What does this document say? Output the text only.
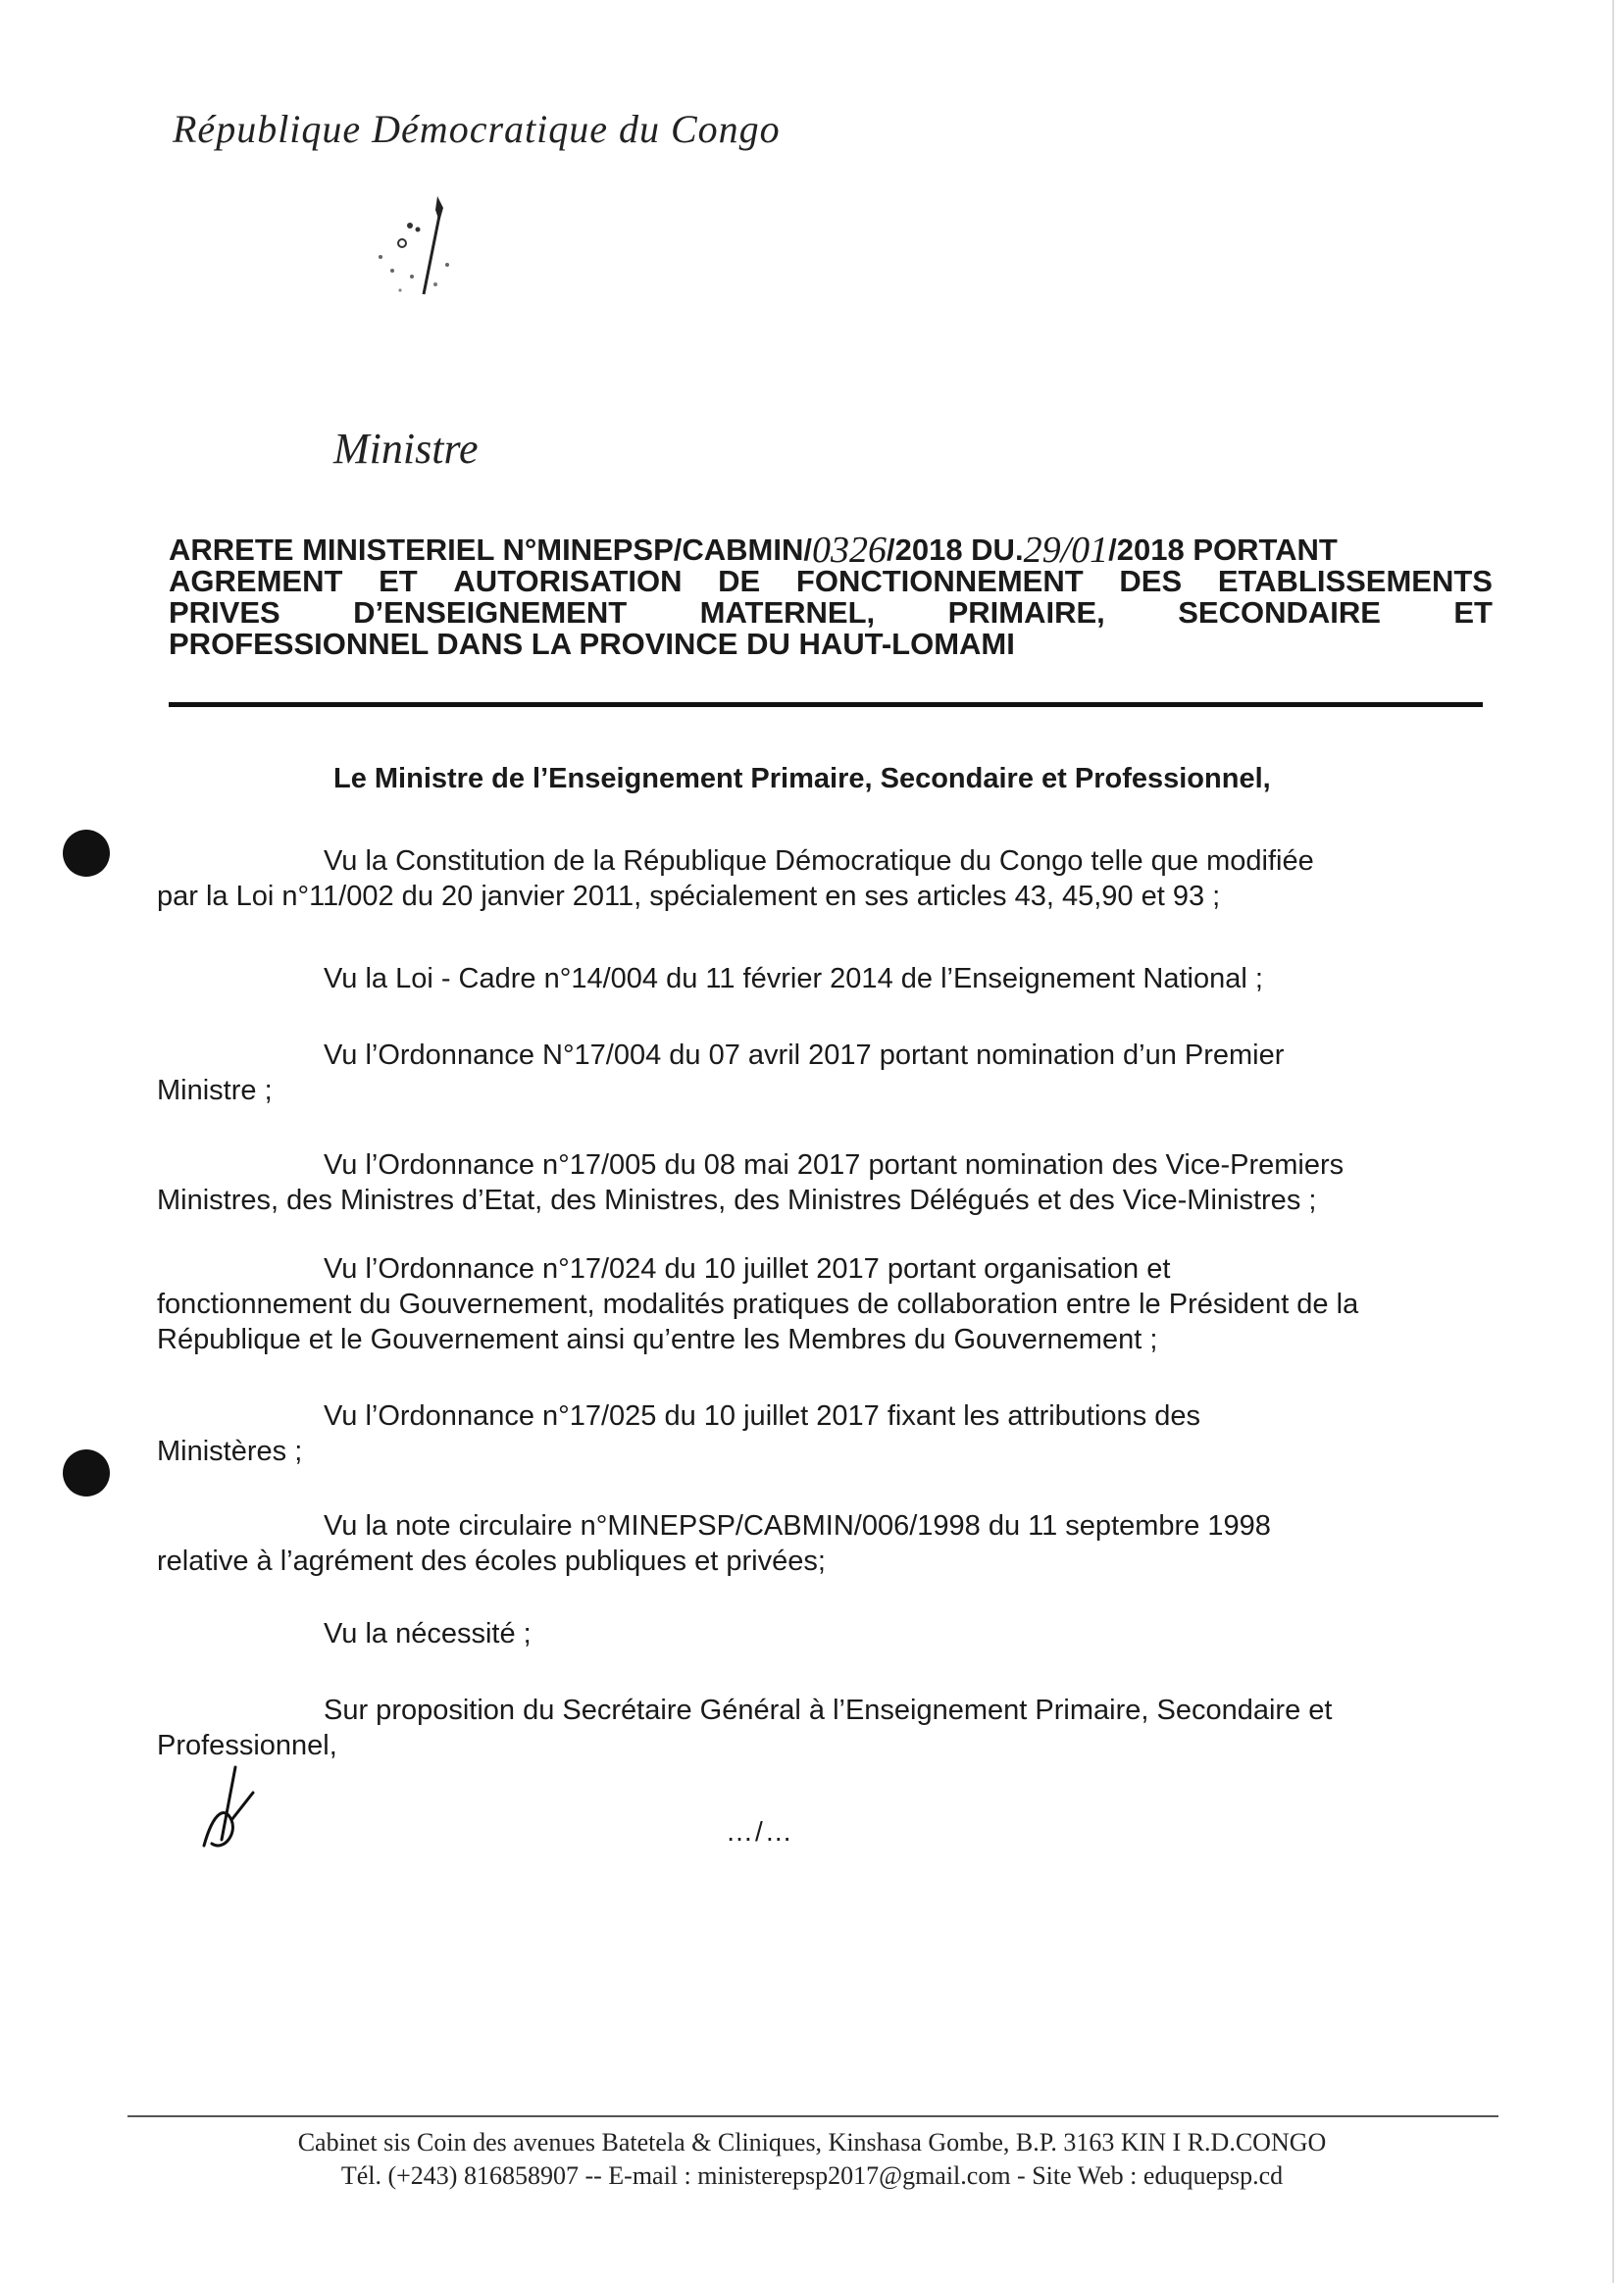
République Démocratique du Congo
Ministre
ARRETE MINISTERIEL N°MINEPSP/CABMIN/ 0326 /2018 DU. 29/01 /2018 PORTANT
AGREMENT ET AUTORISATION DE FONCTIONNEMENT DES ETABLISSEMENTS
PRIVES D’ENSEIGNEMENT MATERNEL, PRIMAIRE, SECONDAIRE ET
PROFESSIONNEL DANS LA PROVINCE DU HAUT-LOMAMI
Le Ministre de l’Enseignement Primaire, Secondaire et Professionnel,
Vu la Constitution de la République Démocratique du Congo telle que modifiée
par la Loi n°11/002 du 20 janvier 2011, spécialement en ses articles 43, 45,90 et 93 ;
Vu la Loi - Cadre n°14/004 du 11 février 2014 de l’Enseignement National ;
Vu l’Ordonnance N°17/004 du 07 avril 2017 portant nomination d’un Premier
Ministre ;
Vu l’Ordonnance n°17/005 du 08 mai 2017 portant nomination des Vice-Premiers
Ministres, des Ministres d’Etat, des Ministres, des Ministres Délégués et des Vice-Ministres ;
Vu l’Ordonnance n°17/024 du 10 juillet 2017 portant organisation et
fonctionnement du Gouvernement, modalités pratiques de collaboration entre le Président de la République et le Gouvernement ainsi qu’entre les Membres du Gouvernement ;
Vu l’Ordonnance n°17/025 du 10 juillet 2017 fixant les attributions des
Ministères ;
Vu la note circulaire n°MINEPSP/CABMIN/006/1998 du 11 septembre 1998
relative à l’agrément des écoles publiques et privées;
Vu la nécessité ;
Sur proposition du Secrétaire Général à l’Enseignement Primaire, Secondaire et
Professionnel,
…/…
Cabinet sis Coin des avenues Batetela & Cliniques, Kinshasa Gombe, B.P. 3163 KIN I R.D.CONGO
Tél. (+243) 816858907 -- E-mail : ministerepsp2017@gmail.com - Site Web : eduquepsp.cd
